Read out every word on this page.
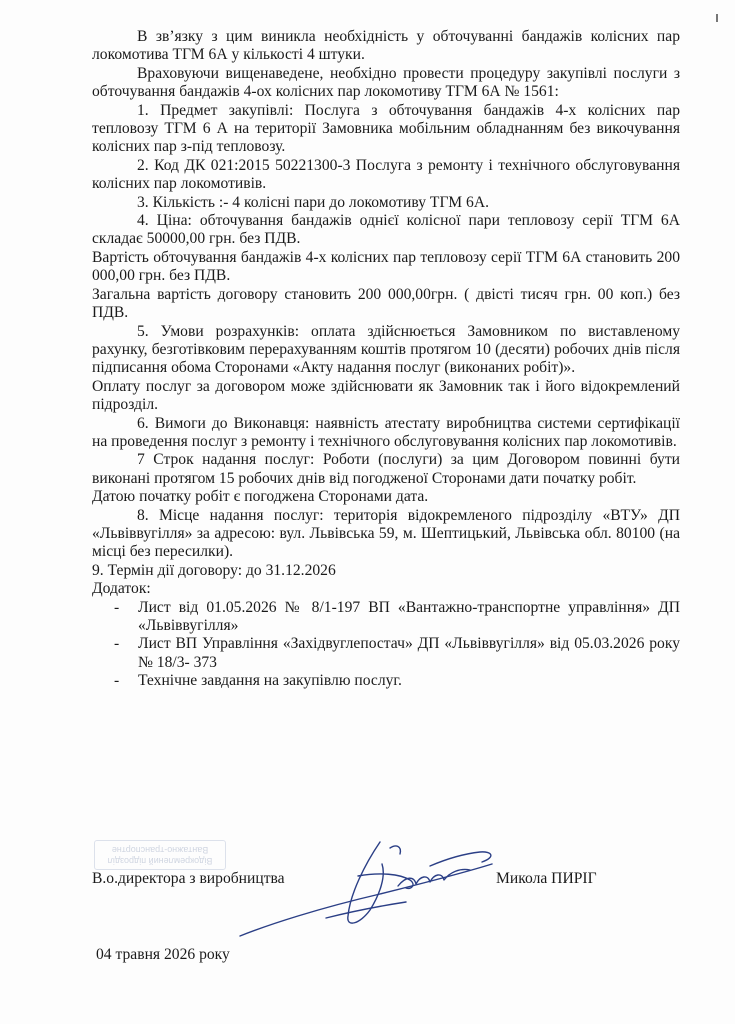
В зв’язку з цим виникла необхідність у обточуванні бандажів колісних пар локомотива ТГМ 6А у кількості 4 штуки.

Враховуючи вищенаведене, необхідно провести процедуру закупівлі послуги з обточування бандажів 4-ох колісних пар локомотиву ТГМ 6А № 1561:

1. Предмет закупівлі: Послуга з обточування бандажів 4-х колісних пар тепловозу ТГМ 6 А на території Замовника мобільним обладнанням без викочування колісних пар з-під тепловозу.

2. Код ДК 021:2015 50221300-3 Послуга з ремонту і технічного обслуговування колісних пар локомотивів.

3. Кількість :- 4 колісні пари до локомотиву ТГМ 6А.

4. Ціна: обточування бандажів однієї колісної пари тепловозу серії ТГМ 6А складає 50000,00 грн. без ПДВ.

Вартість обточування бандажів 4-х колісних пар тепловозу серії ТГМ 6А становить 200 000,00 грн. без ПДВ.

Загальна вартість договору становить 200 000,00грн. ( двісті тисяч грн. 00 коп.) без ПДВ.

5. Умови розрахунків: оплата здійснюється Замовником по виставленому рахунку, безготівковим перерахуванням коштів протягом 10 (десяти) робочих днів після підписання обома Сторонами «Акту надання послуг (виконаних робіт)».

Оплату послуг за договором може здійснювати як Замовник так і його відокремлений підрозділ.

6. Вимоги до Виконавця: наявність атестату виробництва системи сертифікації на проведення послуг з ремонту і технічного обслуговування колісних пар локомотивів.

7 Строк надання послуг: Роботи (послуги) за цим Договором повинні бути виконані протягом 15 робочих днів від погодженої Сторонами дати початку робіт.

Датою початку робіт є погоджена Сторонами дата.

8. Місце надання послуг: територія відокремленого підрозділу «ВТУ» ДП «Львіввугілля» за адресою: вул. Львівська 59, м. Шептицький, Львівська обл. 80100 (на місці без пересилки).

9. Термін дії договору: до 31.12.2026

Додаток:

- Лист від 01.05.2026 № 8/1-197 ВП «Вантажно-транспортне управління» ДП «Львіввугілля»
- Лист ВП Управління «Західвуглепостач» ДП «Львіввугілля» від 05.03.2026 року № 18/3- 373
- Технічне завдання на закупівлю послуг.
Відокремлений підрозділ
Вантажно-транспортне
В.о.директора з виробництва	Микола ПИРІГ
04 травня 2026 року
